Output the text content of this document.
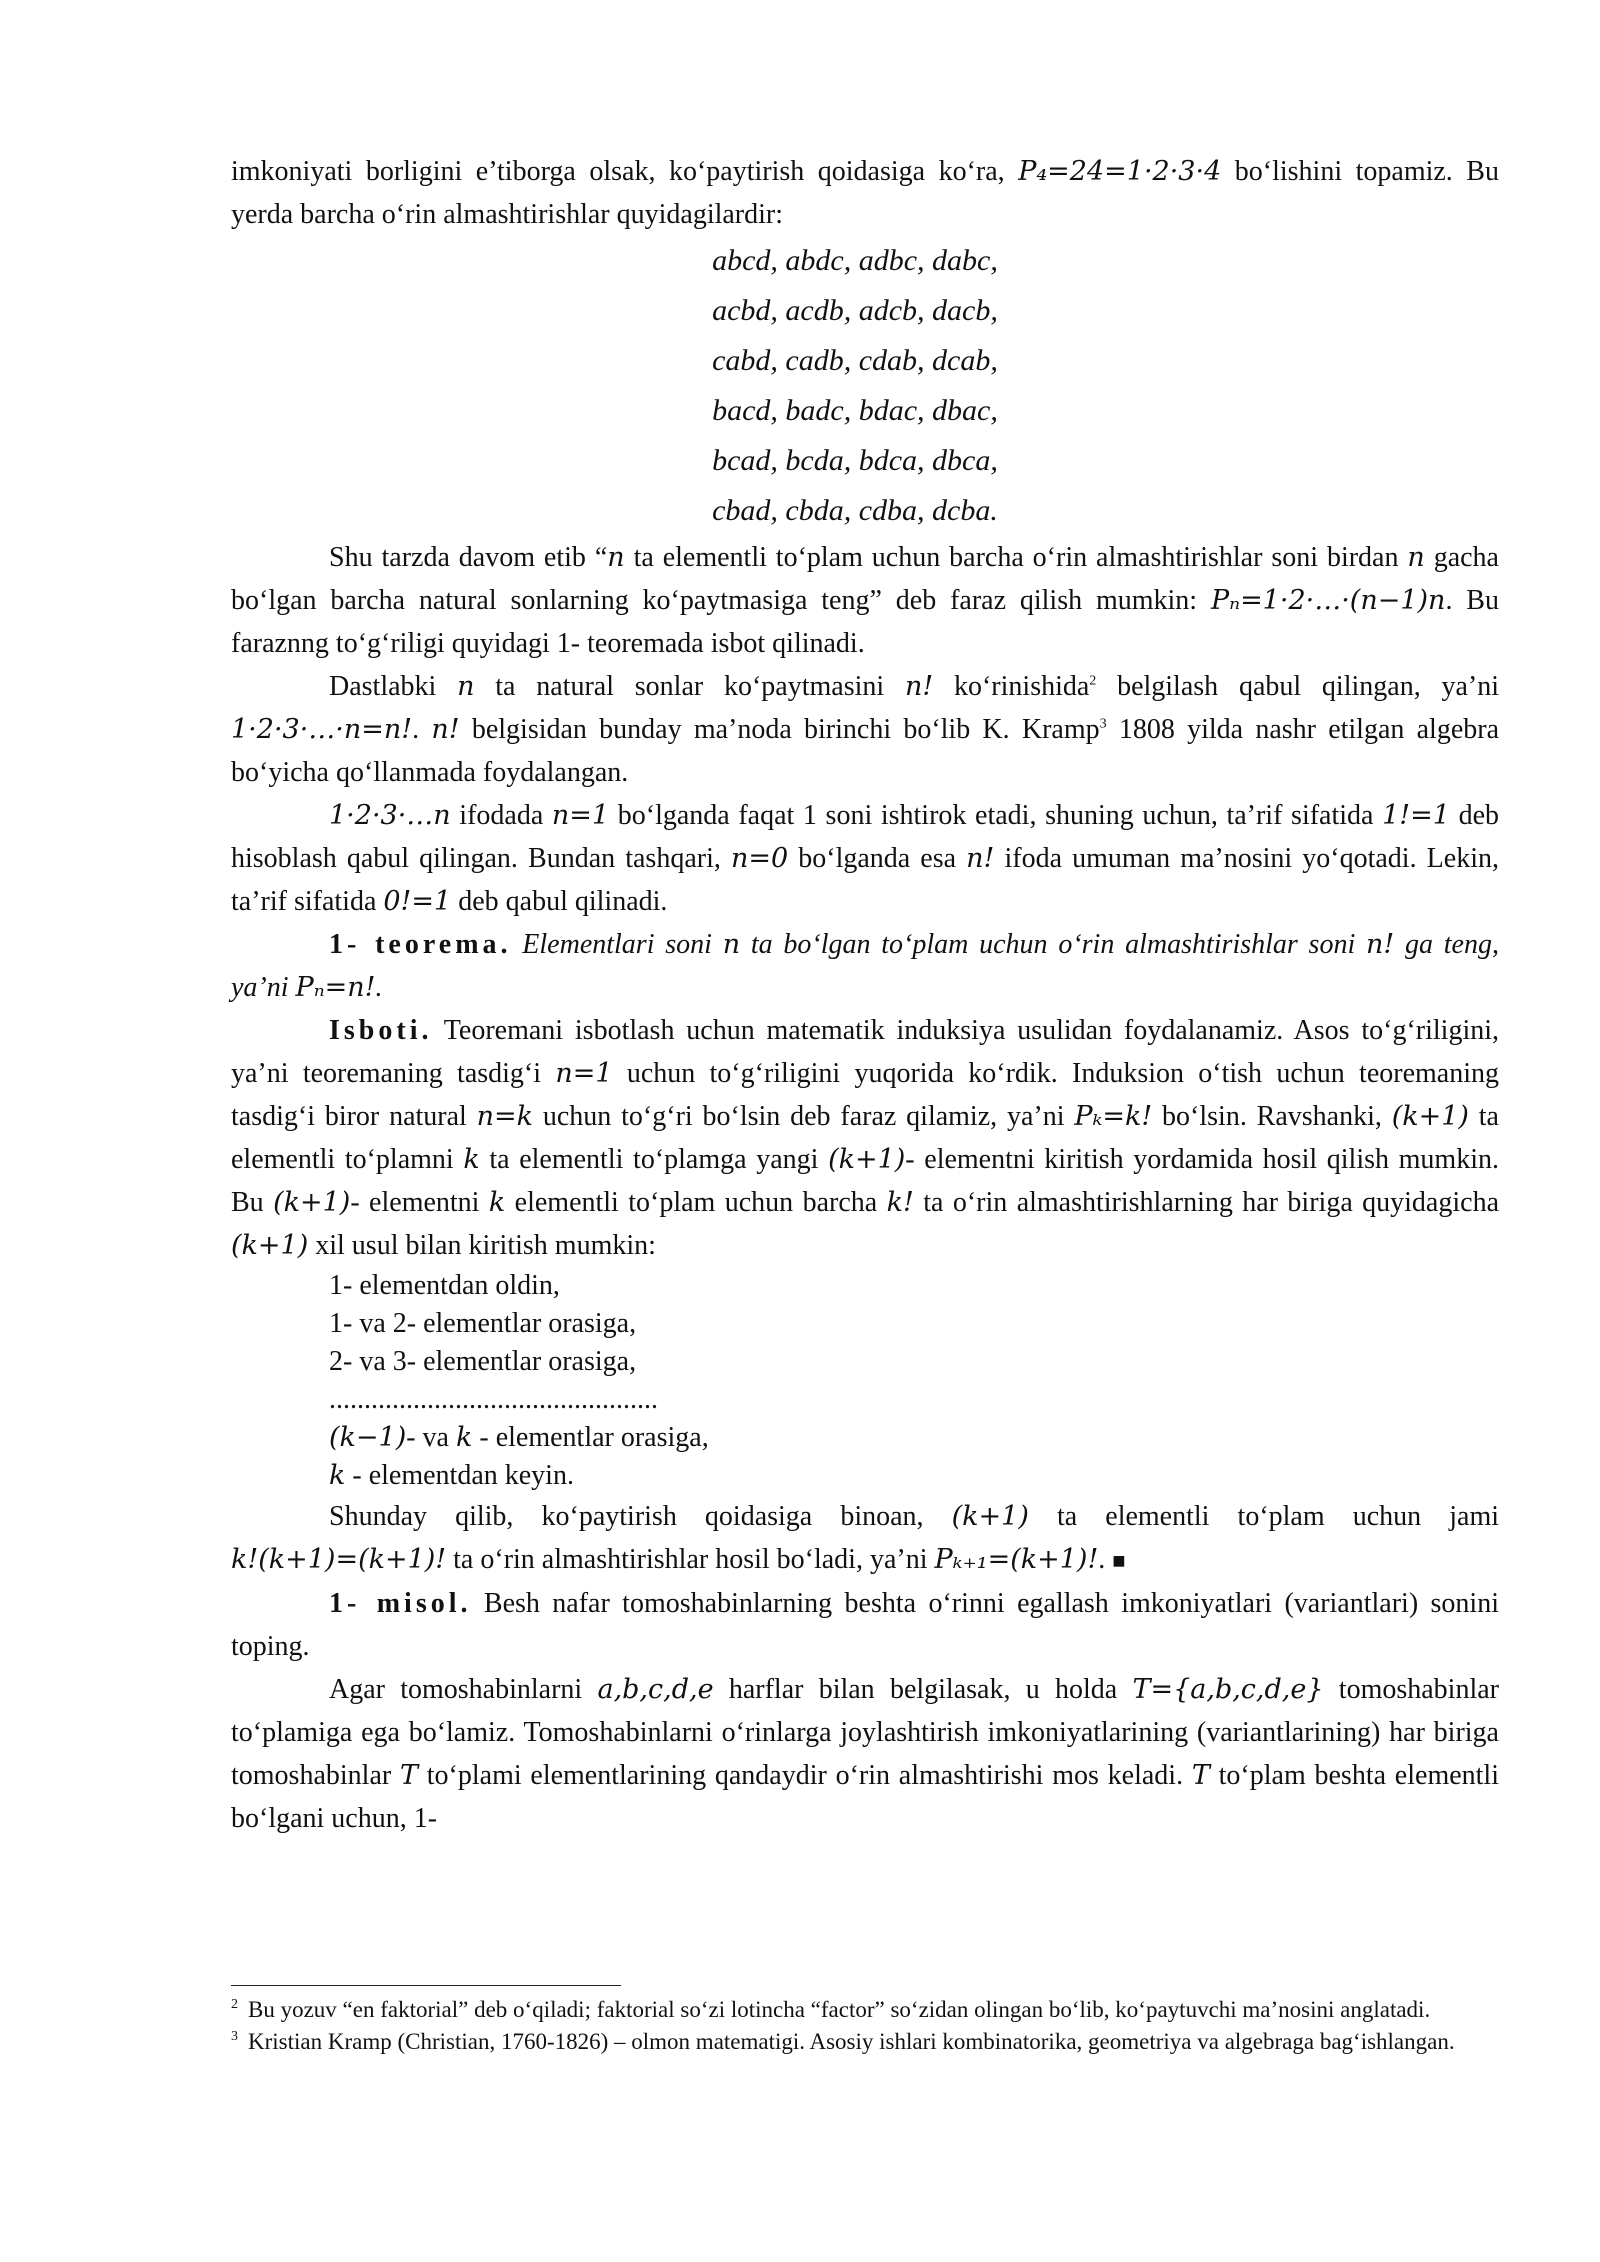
imkoniyati borligini e’tiborga olsak, ko‘paytirish qoidasiga ko‘ra, P₄=24=1·2·3·4 bo‘lishini topamiz. Bu yerda barcha o‘rin almashtirishlar quyidagilardir:

abcd, abdc, adbc, dabc,
acbd, acdb, adcb, dacb,
cabd, cadb, cdab, dcab,
bacd, badc, bdac, dbac,
bcad, bcda, bdca, dbca,
cbad, cbda, cdba, dcba.

Shu tarzda davom etib “n ta elementli to‘plam uchun barcha o‘rin almashtirishlar soni birdan n gacha bo‘lgan barcha natural sonlarning ko‘paytmasiga teng” deb faraz qilish mumkin: Pₙ=1·2·…·(n−1)n. Bu faraznng to‘g‘riligi quyidagi 1- teoremada isbot qilinadi.

Dastlabki n ta natural sonlar ko‘paytmasini n! ko‘rinishida$^2$ belgilash qabul qilingan, ya’ni 1·2·3·…·n=n!. n! belgisidan bunday ma’noda birinchi bo‘lib K. Kramp$^3$ 1808 yilda nashr etilgan algebra bo‘yicha qo‘llanmada foydalangan.

1·2·3·…n ifodada n=1 bo‘lganda faqat 1 soni ishtirok etadi, shuning uchun, ta’rif sifatida 1!=1 deb hisoblash qabul qilingan. Bundan tashqari, n=0 bo‘lganda esa n! ifoda umuman ma’nosini yo‘qotadi. Lekin, ta’rif sifatida 0!=1 deb qabul qilinadi.

1- teorema. Elementlari soni n ta bo‘lgan to‘plam uchun o‘rin almashtirishlar soni n! ga teng, ya’ni Pₙ=n!.

Isboti. Teoremani isbotlash uchun matematik induksiya usulidan foydalanamiz. Asos to‘g‘riligini, ya’ni teoremaning tasdig‘i n=1 uchun to‘g‘riligini yuqorida ko‘rdik. Induksion o‘tish uchun teoremaning tasdig‘i biror natural n=k uchun to‘g‘ri bo‘lsin deb faraz qilamiz, ya’ni Pₖ=k! bo‘lsin. Ravshanki, (k+1) ta elementli to‘plamni k ta elementli to‘plamga yangi (k+1)- elementni kiritish yordamida hosil qilish mumkin. Bu (k+1)- elementni k elementli to‘plam uchun barcha k! ta o‘rin almashtirishlarning har biriga quyidagicha (k+1) xil usul bilan kiritish mumkin:

1- elementdan oldin,
1- va 2- elementlar orasiga,
2- va 3- elementlar orasiga,
...............................................
(k−1)- va k - elementlar orasiga,
k - elementdan keyin.

Shunday qilib, ko‘paytirish qoidasiga binoan, (k+1) ta elementli to‘plam uchun jami k!(k+1)=(k+1)! ta o‘rin almashtirishlar hosil bo‘ladi, ya’ni Pₖ₊₁=(k+1)!. ■

1- misol. Besh nafar tomoshabinlarning beshta o‘rinni egallash imkoniyatlari (variantlari) sonini toping.

Agar tomoshabinlarni a,b,c,d,e harflar bilan belgilasak, u holda T={a,b,c,d,e} tomoshabinlar to‘plamiga ega bo‘lamiz. Tomoshabinlarni o‘rinlarga joylashtirish imkoniyatlarining (variantlarining) har biriga tomoshabinlar T to‘plami elementlarining qandaydir o‘rin almashtirishi mos keladi. T to‘plam beshta elementli bo‘lgani uchun, 1-

$^2$ Bu yozuv “en faktorial” deb o‘qiladi; faktorial so‘zi lotincha “factor” so‘zidan olingan bo‘lib, ko‘paytuvchi ma’nosini anglatadi.

$^3$ Kristian Kramp (Christian, 1760-1826) – olmon matematigi. Asosiy ishlari kombinatorika, geometriya va algebraga bag‘ishlangan.
